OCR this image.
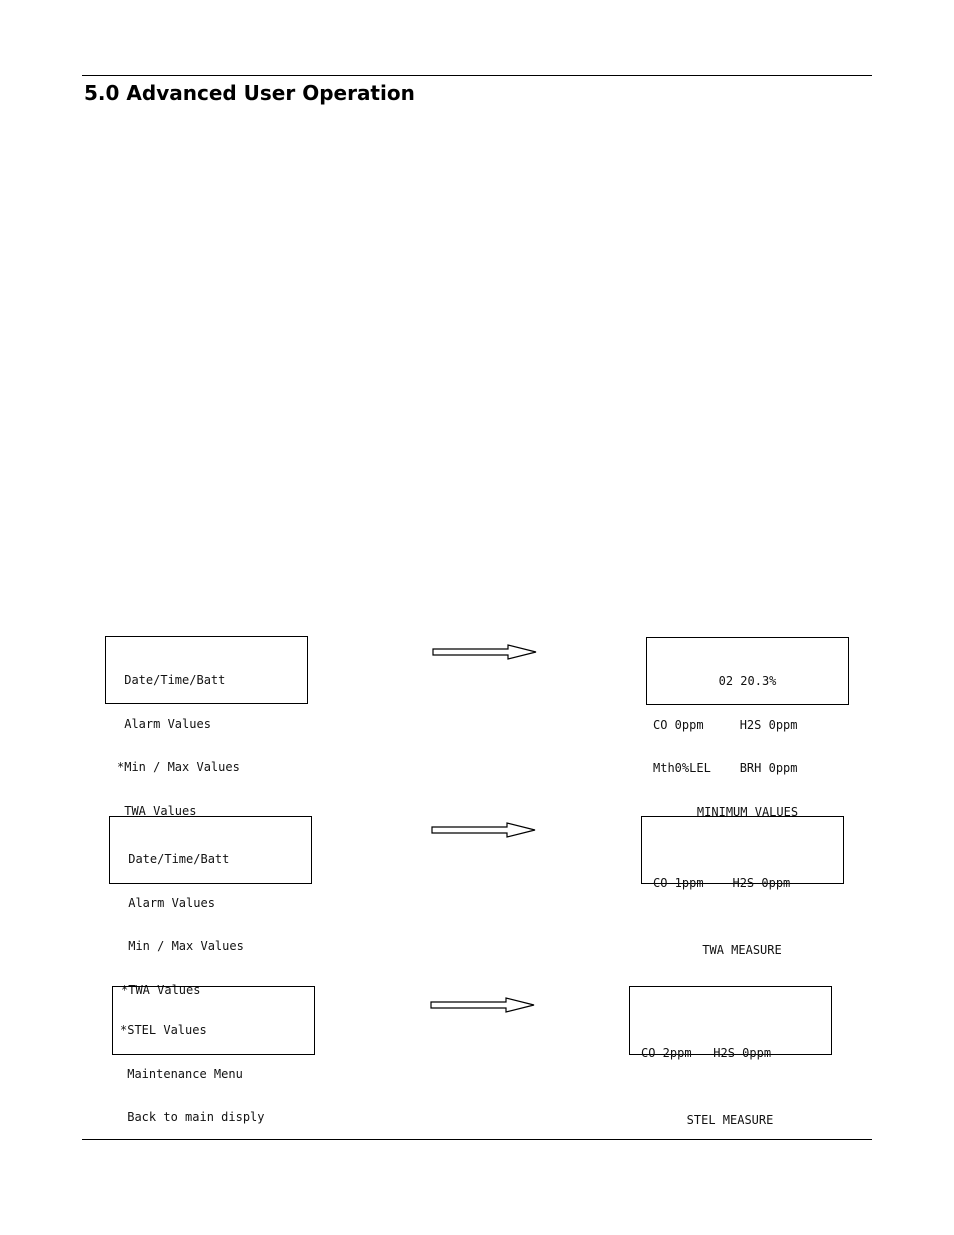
5.0 Advanced User Operation

Date/Time/Batt

Alarm Values

*Min / Max Values

TWA Values

02 20.3%

CO 0ppm     H2S 0ppm

Mth0%LEL    BRH 0ppm

MINIMUM VALUES

Date/Time/Batt

Alarm Values

Min / Max Values

*TWA Values

CO 1ppm    H2S 0ppm

TWA MEASURE

*STEL Values

Maintenance Menu

Back to main disply

CO 2ppm   H2S 0ppm

STEL MEASURE
